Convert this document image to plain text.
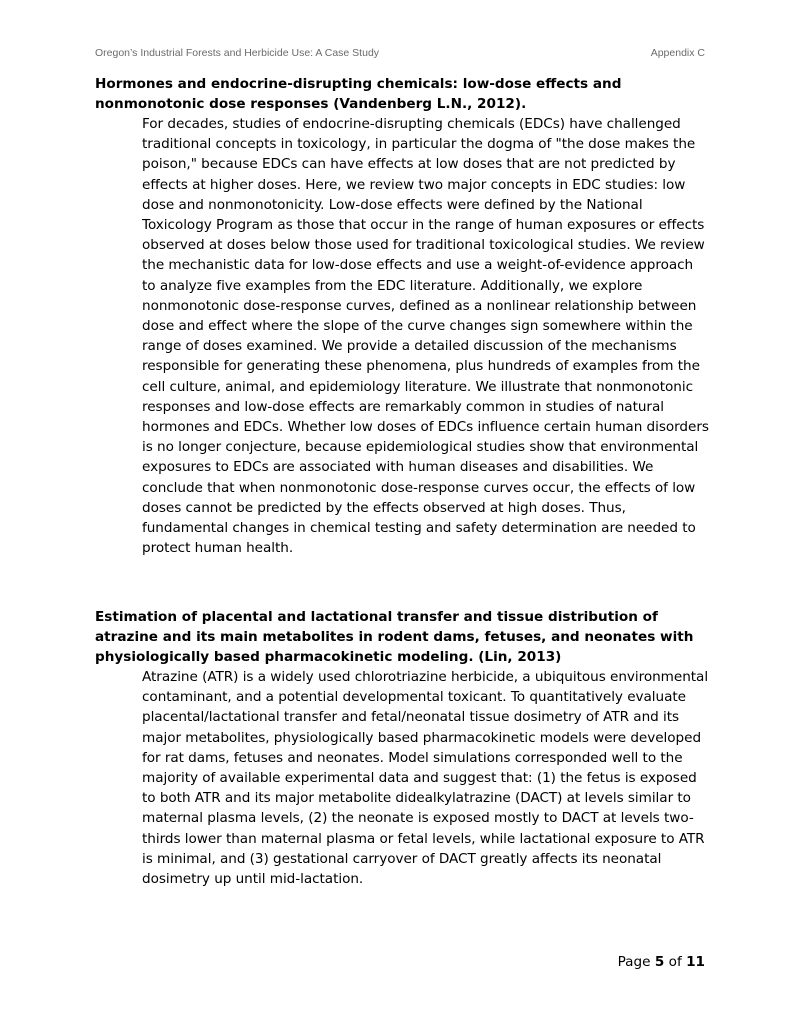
Oregon’s Industrial Forests and Herbicide Use: A Case Study	Appendix C

Hormones and endocrine-disrupting chemicals: low-dose effects and nonmonotonic dose responses (Vandenberg L.N., 2012).

For decades, studies of endocrine-disrupting chemicals (EDCs) have challenged traditional concepts in toxicology, in particular the dogma of "the dose makes the poison," because EDCs can have effects at low doses that are not predicted by effects at higher doses. Here, we review two major concepts in EDC studies: low dose and nonmonotonicity. Low-dose effects were defined by the National Toxicology Program as those that occur in the range of human exposures or effects observed at doses below those used for traditional toxicological studies. We review the mechanistic data for low-dose effects and use a weight-of-evidence approach to analyze five examples from the EDC literature. Additionally, we explore nonmonotonic dose-response curves, defined as a nonlinear relationship between dose and effect where the slope of the curve changes sign somewhere within the range of doses examined. We provide a detailed discussion of the mechanisms responsible for generating these phenomena, plus hundreds of examples from the cell culture, animal, and epidemiology literature. We illustrate that nonmonotonic responses and low-dose effects are remarkably common in studies of natural hormones and EDCs. Whether low doses of EDCs influence certain human disorders is no longer conjecture, because epidemiological studies show that environmental exposures to EDCs are associated with human diseases and disabilities. We conclude that when nonmonotonic dose-response curves occur, the effects of low doses cannot be predicted by the effects observed at high doses. Thus, fundamental changes in chemical testing and safety determination are needed to protect human health.

Estimation of placental and lactational transfer and tissue distribution of atrazine and its main metabolites in rodent dams, fetuses, and neonates with physiologically based pharmacokinetic modeling. (Lin, 2013)

Atrazine (ATR) is a widely used chlorotriazine herbicide, a ubiquitous environmental contaminant, and a potential developmental toxicant. To quantitatively evaluate placental/lactational transfer and fetal/neonatal tissue dosimetry of ATR and its major metabolites, physiologically based pharmacokinetic models were developed for rat dams, fetuses and neonates. Model simulations corresponded well to the majority of available experimental data and suggest that: (1) the fetus is exposed to both ATR and its major metabolite didealkylatrazine (DACT) at levels similar to maternal plasma levels, (2) the neonate is exposed mostly to DACT at levels two-thirds lower than maternal plasma or fetal levels, while lactational exposure to ATR is minimal, and (3) gestational carryover of DACT greatly affects its neonatal dosimetry up until mid-lactation.

Page 5 of 11
